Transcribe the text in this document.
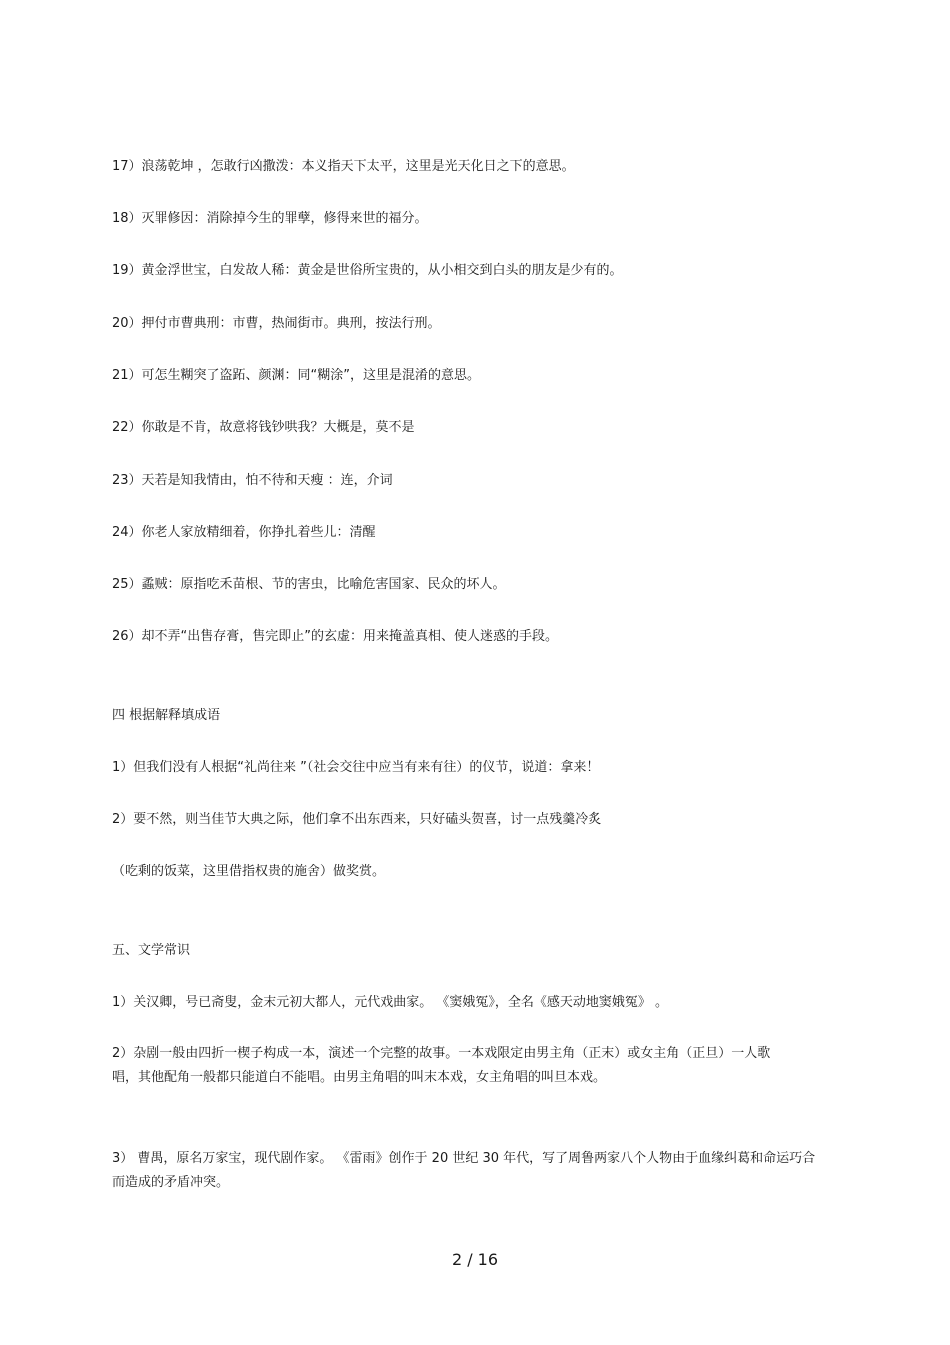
17）浪荡乾坤 ，怎敢行凶撒泼：本义指天下太平，这里是光天化日之下的意思。
18）灭罪修因：消除掉今生的罪孽，修得来世的福分。
19）黄金浮世宝，白发故人稀：黄金是世俗所宝贵的，从小相交到白头的朋友是少有的。
20）押付市曹典刑：市曹，热闹街市。典刑，按法行刑。
21）可怎生糊突了盗跖、颜渊：同“糊涂”，这里是混淆的意思。
22）你敢是不肯，故意将钱钞哄我？大概是，莫不是
23）天若是知我情由，怕不待和天瘦 ：连，介词
24）你老人家放精细着，你挣扎着些儿：清醒
25）蟊贼：原指吃禾苗根、节的害虫，比喻危害国家、民众的坏人。
26）却不弄“出售存膏，售完即止”的玄虚：用来掩盖真相、使人迷惑的手段。
四 根据解释填成语
1）但我们没有人根据“礼尚往来 ”（社会交往中应当有来有往）的仪节，说道：拿来！
2）要不然，则当佳节大典之际，他们拿不出东西来，只好磕头贺喜，讨一点残羹冷炙
（吃剩的饭菜，这里借指权贵的施舍）做奖赏。
五、文学常识
1）关汉卿，号已斋叟，金末元初大都人，元代戏曲家。 《窦娥冤》，全名《感天动地窦娥冤》 。
2）杂剧一般由四折一楔子构成一本，演述一个完整的故事。一本戏限定由男主角（正末）或女主角（正旦）一人歌唱，其他配角一般都只能道白不能唱。由男主角唱的叫末本戏，女主角唱的叫旦本戏。
3） 曹禺，原名万家宝，现代剧作家。 《雷雨》创作于 20 世纪 30 年代，写了周鲁两家八个人物由于血缘纠葛和命运巧合而造成的矛盾冲突。
2 / 16
